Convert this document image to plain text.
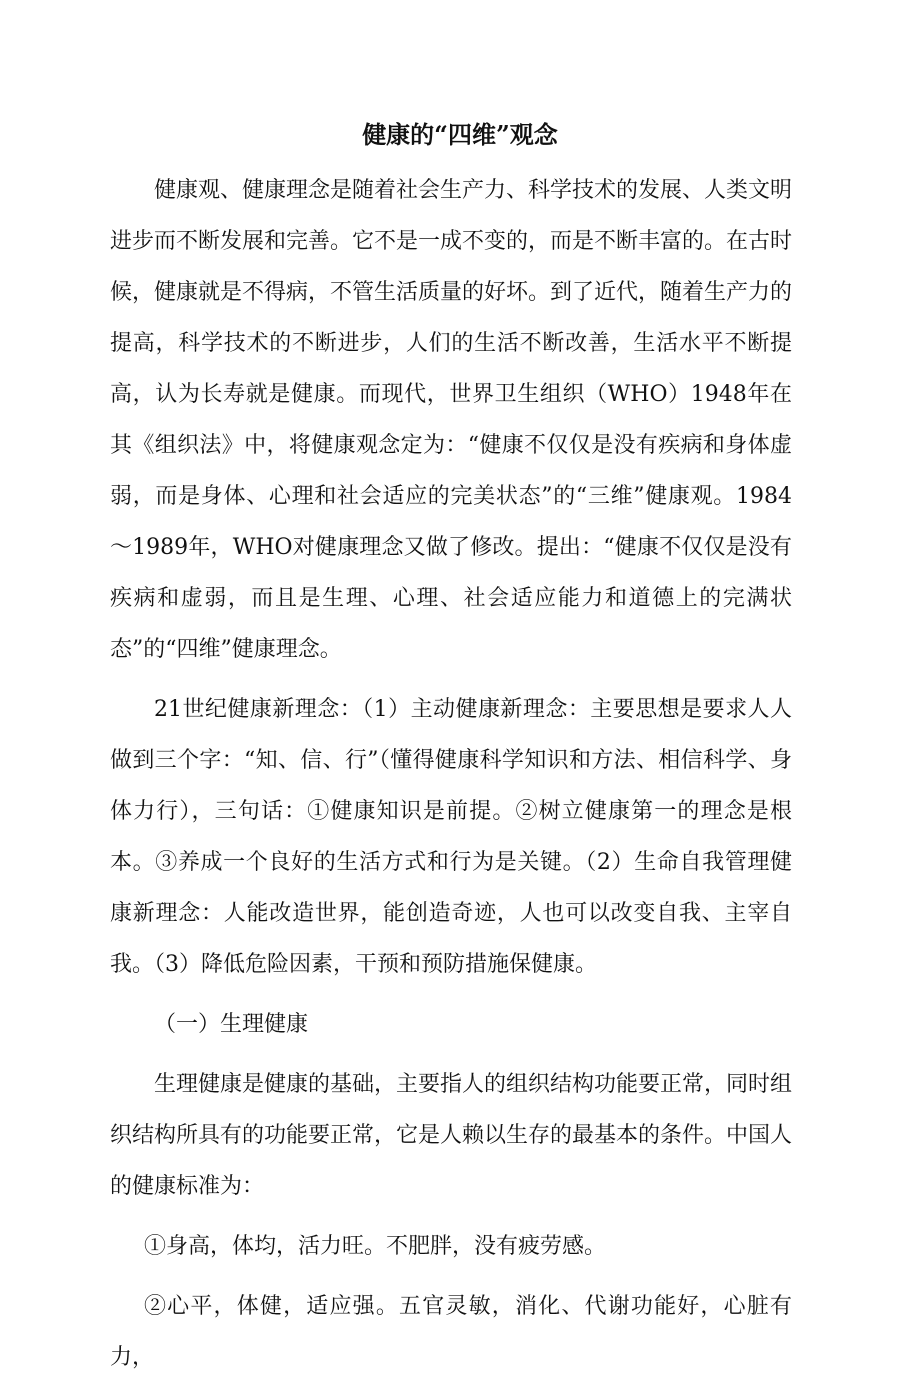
健康的“四维”观念

健康观、健康理念是随着社会生产力、科学技术的发展、人类文明进步而不断发展和完善。它不是一成不变的，而是不断丰富的。在古时候，健康就是不得病，不管生活质量的好坏。到了近代，随着生产力的提高，科学技术的不断进步，人们的生活不断改善，生活水平不断提高，认为长寿就是健康。而现代，世界卫生组织（WHO）1948年在其《组织法》中，将健康观念定为：“健康不仅仅是没有疾病和身体虚弱，而是身体、心理和社会适应的完美状态”的“三维”健康观。1984～1989年，WHO对健康理念又做了修改。提出：“健康不仅仅是没有疾病和虚弱，而且是生理、心理、社会适应能力和道德上的完满状态”的“四维”健康理念。

21世纪健康新理念：（1）主动健康新理念：主要思想是要求人人做到三个字：“知、信、行”（懂得健康科学知识和方法、相信科学、身体力行），三句话：①健康知识是前提。②树立健康第一的理念是根本。③养成一个良好的生活方式和行为是关键。（2）生命自我管理健康新理念：人能改造世界，能创造奇迹，人也可以改变自我、主宰自我。（3）降低危险因素，干预和预防措施保健康。

（一）生理健康

生理健康是健康的基础，主要指人的组织结构功能要正常，同时组织结构所具有的功能要正常，它是人赖以生存的最基本的条件。中国人的健康标准为：

①身高，体均，活力旺。不肥胖，没有疲劳感。

②心平，体健，适应强。五官灵敏，消化、代谢功能好，心脏有力，
